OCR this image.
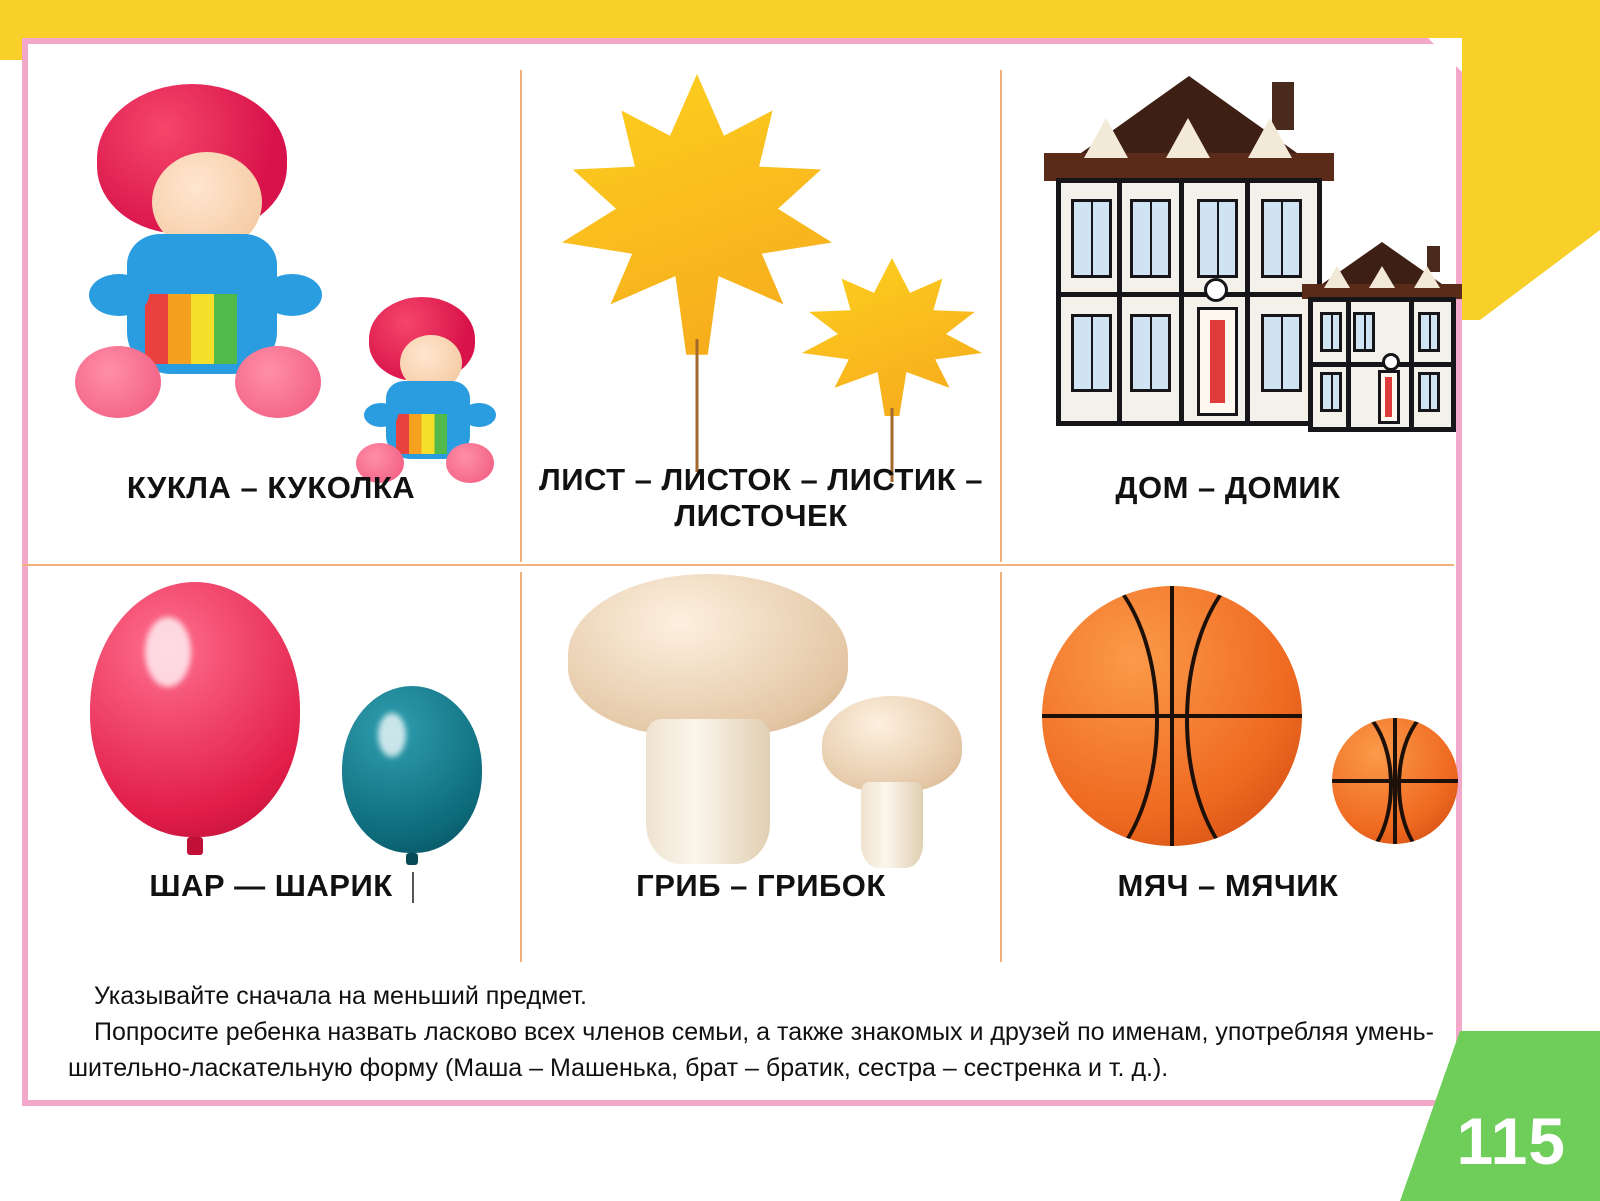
КУКЛА – КУКОЛКА	ЛИСТ – ЛИСТОК – ЛИСТИК – ЛИСТОЧЕК
ДОМ – ДОМИК
ШАР — ШАРИК	ГРИБ – ГРИБОК	МЯЧ – МЯЧИК

Указывайте сначала на меньший предмет.

Попросите ребенка назвать ласково всех членов семьи, а также знакомых и друзей по именам, употребляя умень-

шительно-ласкательную форму (Маша – Машенька, брат – братик, сестра – сестренка и т. д.).

115
